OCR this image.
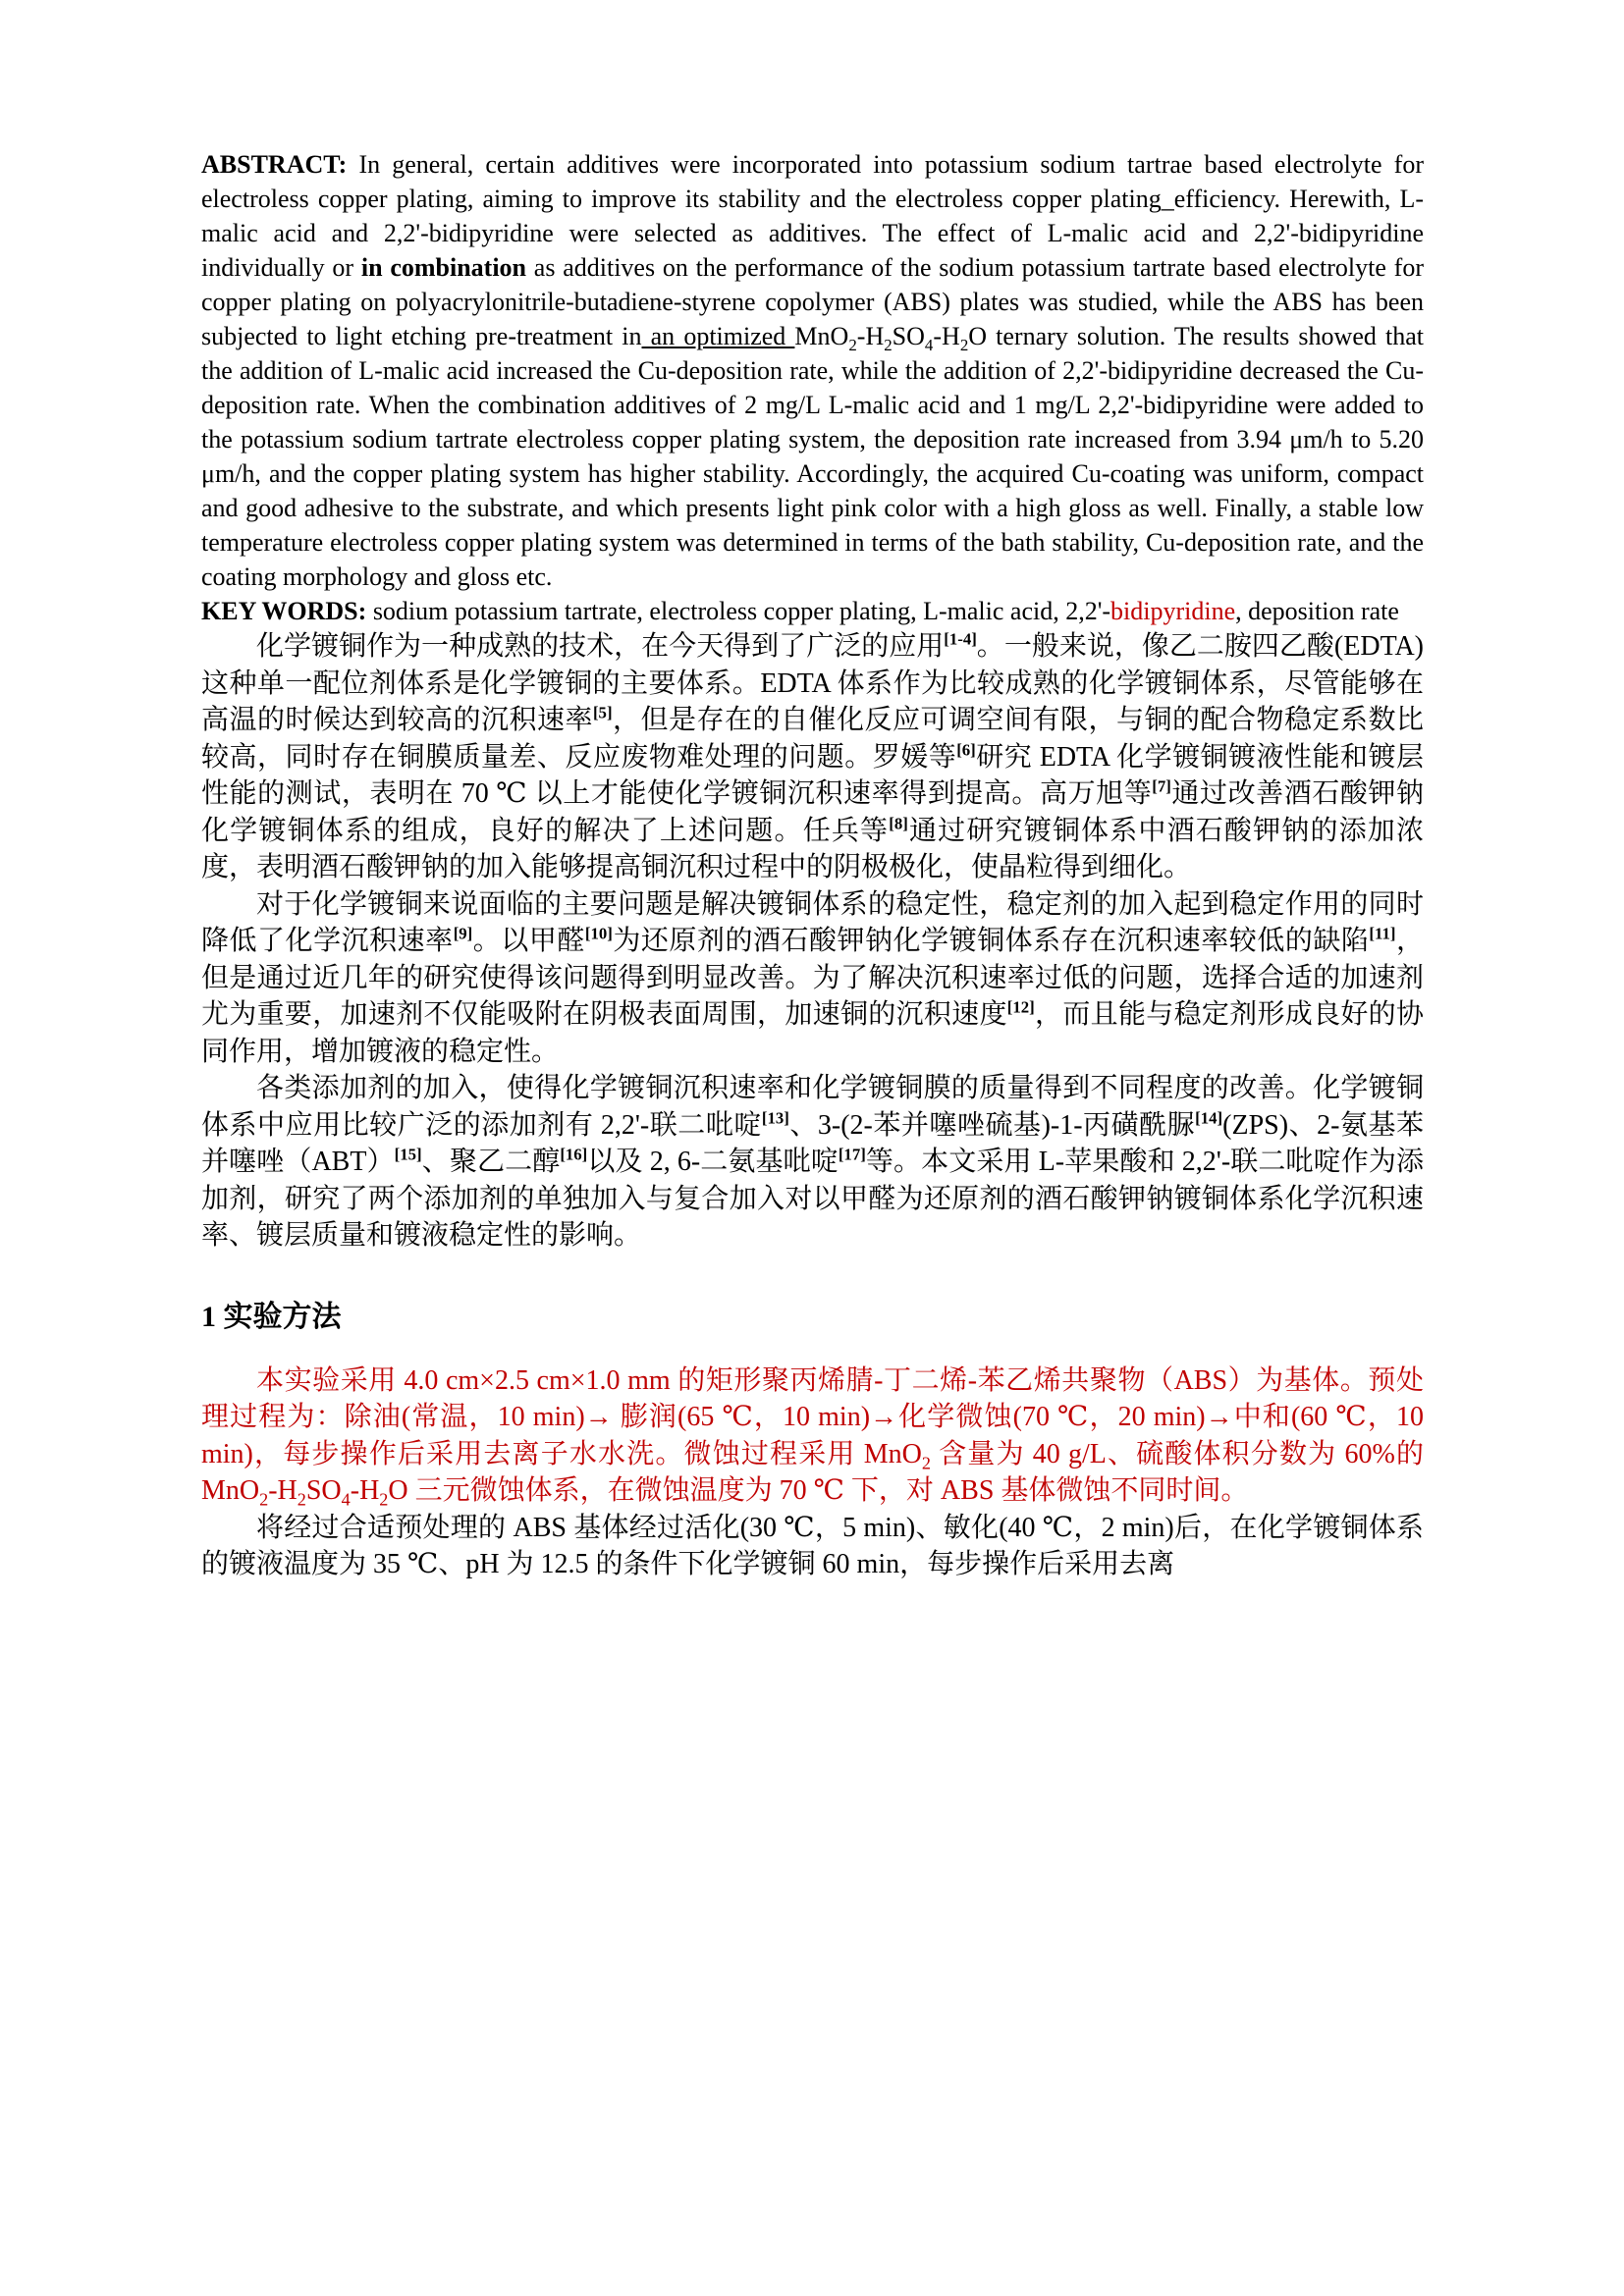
ABSTRACT: In general, certain additives were incorporated into potassium sodium tartrae based electrolyte for electroless copper plating, aiming to improve its stability and the electroless copper plating_efficiency. Herewith, L-malic acid and 2,2'-bidipyridine were selected as additives. The effect of L-malic acid and 2,2'-bidipyridine individually or in combination as additives on the performance of the sodium potassium tartrate based electrolyte for copper plating on polyacrylonitrile-butadiene-styrene copolymer (ABS) plates was studied, while the ABS has been subjected to light etching pre-treatment in an optimized $MnO_2-H_2SO_4-H_2O$ ternary solution. The results showed that the addition of L-malic acid increased the Cu-deposition rate, while the addition of 2,2'-bidipyridine decreased the Cu-deposition rate. When the combination additives of 2 mg/L L-malic acid and 1 mg/L 2,2'-bidipyridine were added to the potassium sodium tartrate electroless copper plating system, the deposition rate increased from 3.94 μm/h to 5.20 μm/h, and the copper plating system has higher stability. Accordingly, the acquired Cu-coating was uniform, compact and good adhesive to the substrate, and which presents light pink color with a high gloss as well. Finally, a stable low temperature electroless copper plating system was determined in terms of the bath stability, Cu-deposition rate, and the coating morphology and gloss etc.

KEY WORDS: sodium potassium tartrate, electroless copper plating, L-malic acid, 2,2'-bidipyridine, deposition rate

化学镀铜作为一种成熟的技术，在今天得到了广泛的应用[1-4]。一般来说，像乙二胺四乙酸(EDTA)这种单一配位剂体系是化学镀铜的主要体系。EDTA 体系作为比较成熟的化学镀铜体系，尽管能够在高温的时候达到较高的沉积速率[5]，但是存在的自催化反应可调空间有限，与铜的配合物稳定系数比较高，同时存在铜膜质量差、反应废物难处理的问题。罗媛等[6]研究 EDTA 化学镀铜镀液性能和镀层性能的测试，表明在 70 ℃ 以上才能使化学镀铜沉积速率得到提高。高万旭等[7]通过改善酒石酸钾钠化学镀铜体系的组成，良好的解决了上述问题。任兵等[8]通过研究镀铜体系中酒石酸钾钠的添加浓度，表明酒石酸钾钠的加入能够提高铜沉积过程中的阴极极化，使晶粒得到细化。

对于化学镀铜来说面临的主要问题是解决镀铜体系的稳定性，稳定剂的加入起到稳定作用的同时降低了化学沉积速率[9]。以甲醛[10]为还原剂的酒石酸钾钠化学镀铜体系存在沉积速率较低的缺陷[11]，但是通过近几年的研究使得该问题得到明显改善。为了解决沉积速率过低的问题，选择合适的加速剂尤为重要，加速剂不仅能吸附在阴极表面周围，加速铜的沉积速度[12]，而且能与稳定剂形成良好的协同作用，增加镀液的稳定性。

各类添加剂的加入，使得化学镀铜沉积速率和化学镀铜膜的质量得到不同程度的改善。化学镀铜体系中应用比较广泛的添加剂有 2,2'-联二吡啶[13]、3-(2-苯并噻唑硫基)-1-丙磺酰脲[14](ZPS)、2-氨基苯并噻唑（ABT）[15]、聚乙二醇[16]以及 2, 6-二氨基吡啶[17]等。本文采用 L-苹果酸和 2,2'-联二吡啶作为添加剂，研究了两个添加剂的单独加入与复合加入对以甲醛为还原剂的酒石酸钾钠镀铜体系化学沉积速率、镀层质量和镀液稳定性的影响。

1 实验方法

本实验采用 4.0 cm×2.5 cm×1.0 mm 的矩形聚丙烯腈-丁二烯-苯乙烯共聚物（ABS）为基体。预处理过程为：除油(常温，10 min)→ 膨润(65 ℃，10 min)→化学微蚀(70 ℃，20 min)→中和(60 ℃，10 min)，每步操作后采用去离子水水洗。微蚀过程采用 MnO$_2$ 含量为 40 g/L、硫酸体积分数为 60%的 $MnO_2-H_2SO_4-H_2O$ 三元微蚀体系，在微蚀温度为 70 ℃ 下，对 ABS 基体微蚀不同时间。

将经过合适预处理的 ABS 基体经过活化(30 ℃，5 min)、敏化(40 ℃，2 min)后，在化学镀铜体系的镀液温度为 35 ℃、pH 为 12.5 的条件下化学镀铜 60 min，每步操作后采用去离
